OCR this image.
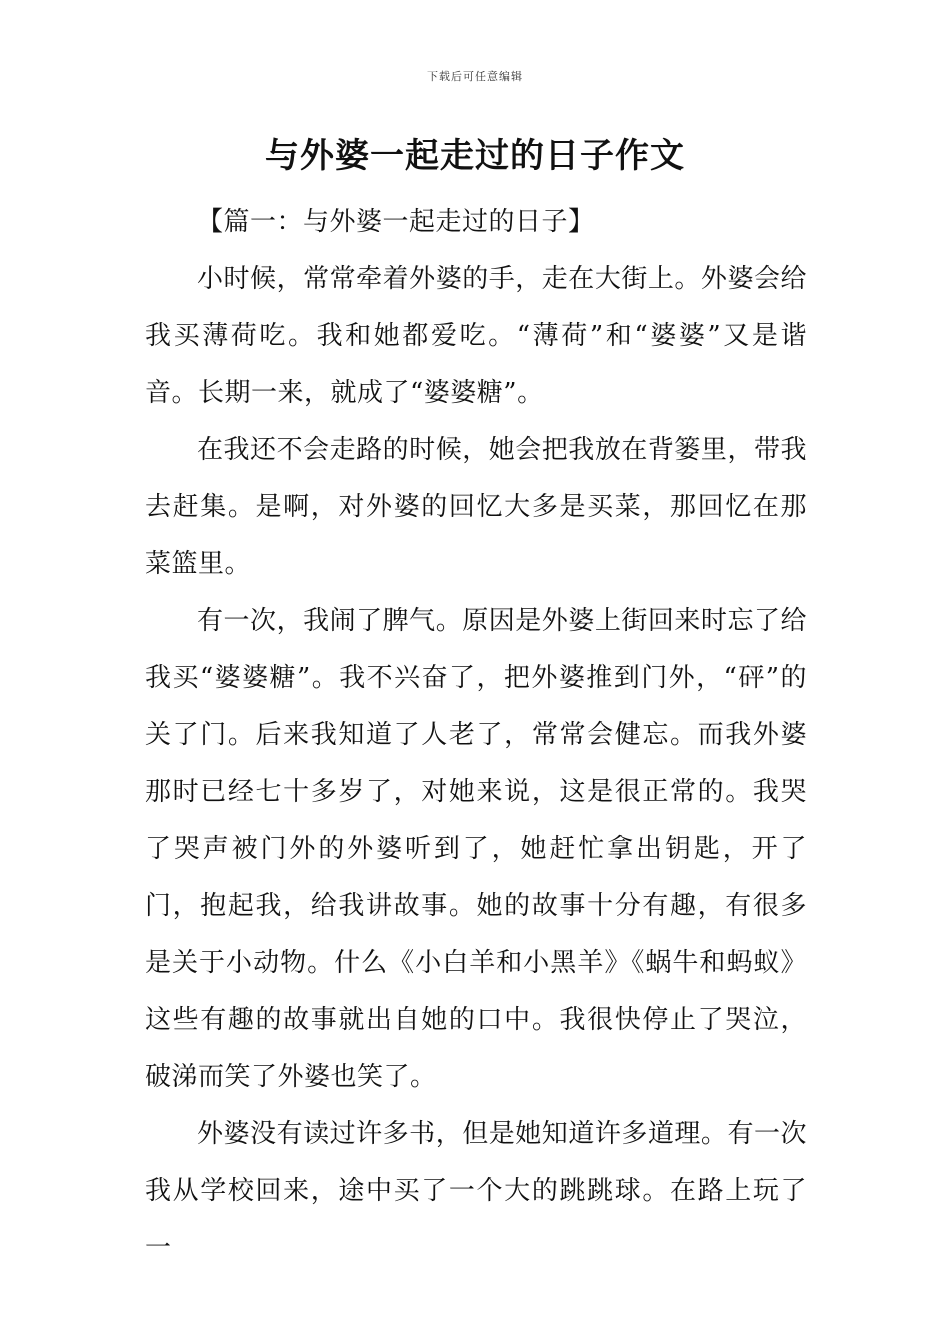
下载后可任意编辑
与外婆一起走过的日子作文

【篇一：与外婆一起走过的日子】

小时候，常常牵着外婆的手，走在大街上。外婆会给我买薄荷吃。我和她都爱吃。“薄荷”和“婆婆”又是谐音。长期一来，就成了“婆婆糖”。

在我还不会走路的时候，她会把我放在背篓里，带我去赶集。是啊，对外婆的回忆大多是买菜，那回忆在那菜篮里。

有一次，我闹了脾气。原因是外婆上街回来时忘了给我买“婆婆糖”。我不兴奋了，把外婆推到门外，“砰”的关了门。后来我知道了人老了，常常会健忘。而我外婆那时已经七十多岁了，对她来说，这是很正常的。我哭了哭声被门外的外婆听到了，她赶忙拿出钥匙，开了门，抱起我，给我讲故事。她的故事十分有趣，有很多是关于小动物。什么《小白羊和小黑羊》《蜗牛和蚂蚁》这些有趣的故事就出自她的口中。我很快停止了哭泣，破涕而笑了外婆也笑了。

外婆没有读过许多书，但是她知道许多道理。有一次我从学校回来，途中买了一个大的跳跳球。在路上玩了一
